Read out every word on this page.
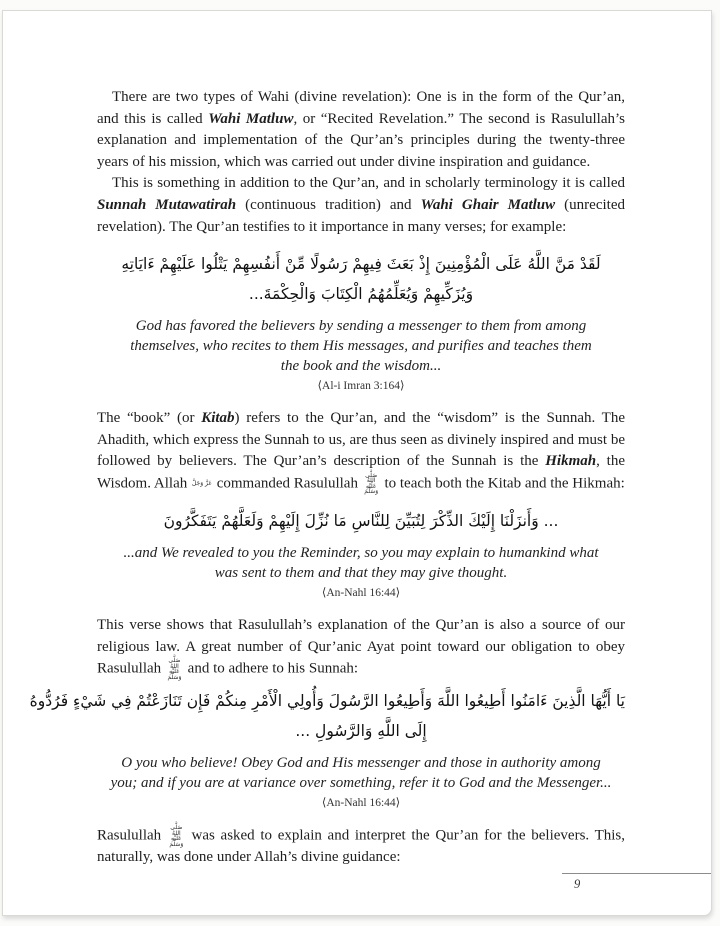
There are two types of Wahi (divine revelation): One is in the form of the Qur’an, and this is called Wahi Matluw, or “Recited Revelation.” The second is Rasulullah’s explanation and implementation of the Qur’an’s principles during the twenty-three years of his mission, which was carried out under divine inspiration and guidance.

This is something in addition to the Qur’an, and in scholarly terminology it is called Sunnah Mutawatirah (continuous tradition) and Wahi Ghair Matluw (unrecited revelation). The Qur’an testifies to it importance in many verses; for example:

لَقَدْ مَنَّ اللَّهُ عَلَى الْمُؤْمِنِينَ إِذْ بَعَثَ فِيهِمْ رَسُولًا مِّنْ أَنفُسِهِمْ يَتْلُوا عَلَيْهِمْ ءَايَاتِهِ
وَيُزَكِّيهِمْ وَيُعَلِّمُهُمُ الْكِتَابَ وَالْحِكْمَةَ...
God has favored the believers by sending a messenger to them from among themselves, who recites to them His messages, and purifies and teaches them the book and the wisdom...
⟨Al-i Imran 3:164⟩

The “book” (or Kitab) refers to the Qur’an, and the “wisdom” is the Sunnah. The Ahadith, which express the Sunnah to us, are thus seen as divinely inspired and must be followed by believers. The Qur’an’s description of the Sunnah is the Hikmah, the Wisdom. Allah عَزَّ وَجَلَّ commanded Rasulullah صَلَّى اللهُ عَلَيْهِ وَسَلَّمَ to teach both the Kitab and the Hikmah:

... وَأَنزَلْنَا إِلَيْكَ الذِّكْرَ لِتُبَيِّنَ لِلنَّاسِ مَا نُزِّلَ إِلَيْهِمْ وَلَعَلَّهُمْ يَتَفَكَّرُونَ
...and We revealed to you the Reminder, so you may explain to humankind what was sent to them and that they may give thought.
⟨An-Nahl 16:44⟩

This verse shows that Rasulullah’s explanation of the Qur’an is also a source of our religious law. A great number of Qur’anic Ayat point toward our obligation to obey Rasulullah صَلَّى اللهُ عَلَيْهِ وَسَلَّمَ and to adhere to his Sunnah:

يَا أَيُّهَا الَّذِينَ ءَامَنُوا أَطِيعُوا اللَّهَ وَأَطِيعُوا الرَّسُولَ وَأُولِي الْأَمْرِ مِنكُمْ فَإِن تَنَازَعْتُمْ فِي شَيْءٍ فَرُدُّوهُ
إِلَى اللَّهِ وَالرَّسُولِ ...
O you who believe! Obey God and His messenger and those in authority among you; and if you are at variance over something, refer it to God and the Messenger...
⟨An-Nahl 16:44⟩

Rasulullah صَلَّى اللهُ عَلَيْهِ وَسَلَّمَ was asked to explain and interpret the Qur’an for the believers. This, naturally, was done under Allah’s divine guidance:

9
